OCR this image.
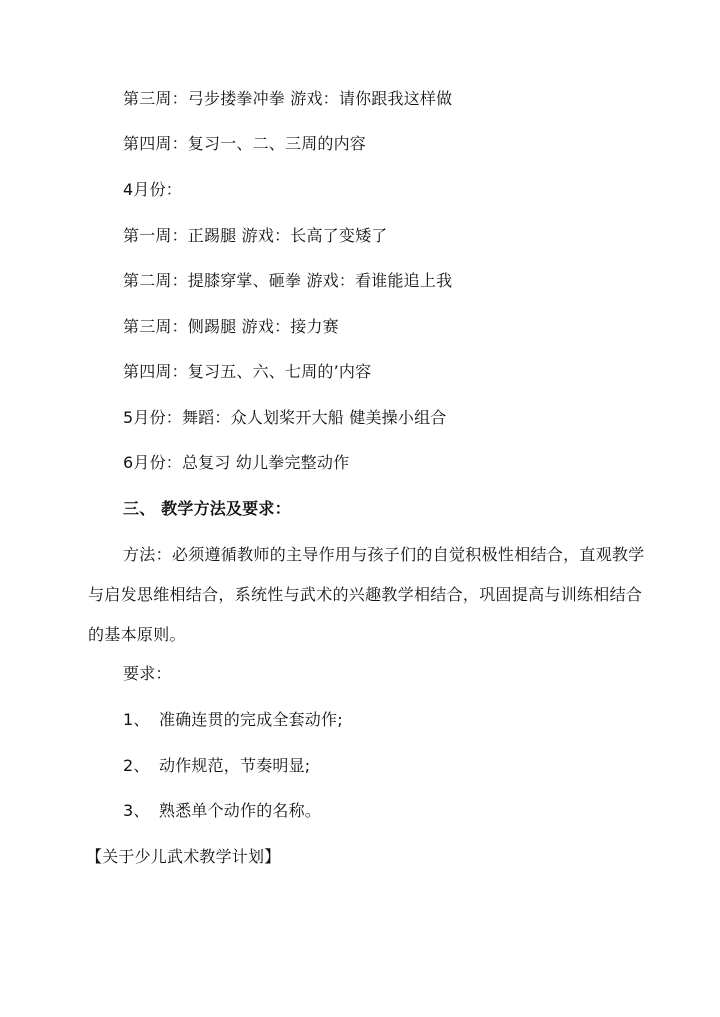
第三周：弓步搂拳冲拳 游戏：请你跟我这样做
第四周：复习一、二、三周的内容
4月份：
第一周：正踢腿 游戏：长高了变矮了
第二周：提膝穿掌、砸拳 游戏：看谁能追上我
第三周：侧踢腿 游戏：接力赛
第四周：复习五、六、七周的’内容
5月份：舞蹈：众人划桨开大船 健美操小组合
6月份：总复习 幼儿拳完整动作
三、 教学方法及要求：
方法：必须遵循教师的主导作用与孩子们的自觉积极性相结合，直观教学与启发思维相结合，系统性与武术的兴趣教学相结合，巩固提高与训练相结合的基本原则。
要求：
1、 准确连贯的完成全套动作;
2、 动作规范，节奏明显;
3、 熟悉单个动作的名称。
【关于少儿武术教学计划】
